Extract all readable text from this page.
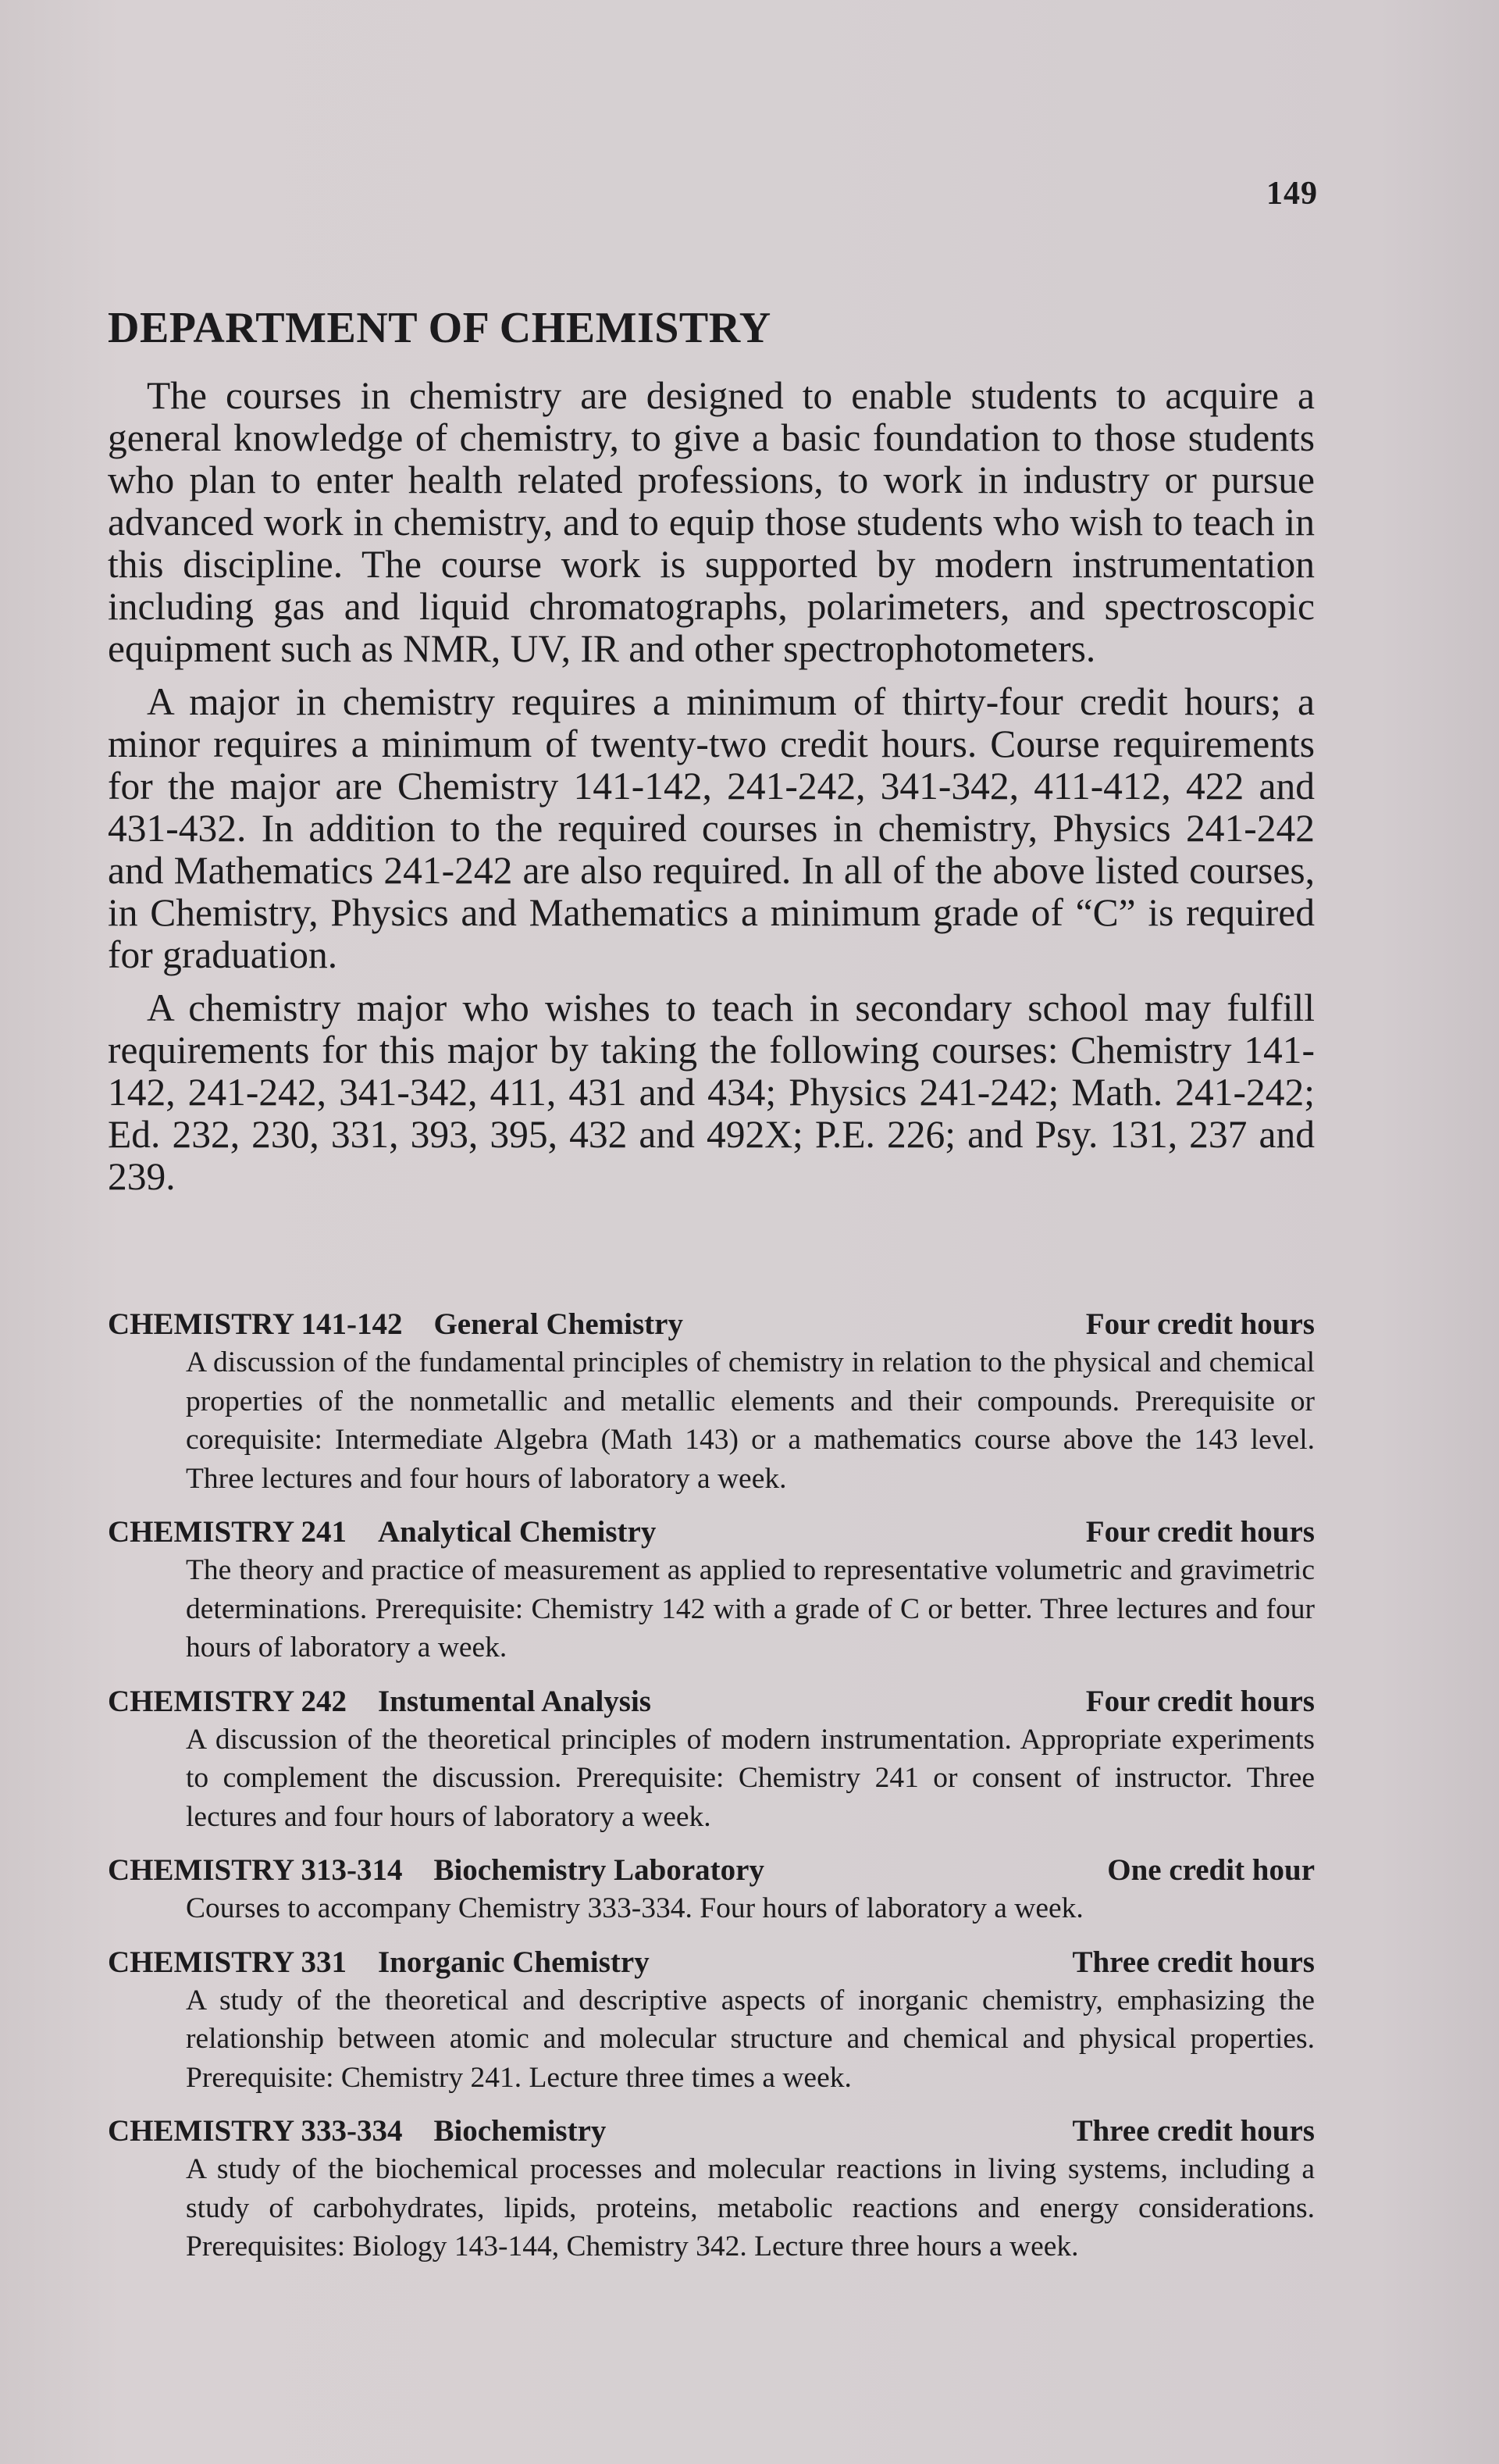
149
DEPARTMENT OF CHEMISTRY

The courses in chemistry are designed to enable students to acquire a general knowledge of chemistry, to give a basic foundation to those students who plan to enter health related professions, to work in industry or pursue advanced work in chemistry, and to equip those students who wish to teach in this discipline. The course work is supported by modern instrumentation including gas and liquid chromatographs, polarimeters, and spectroscopic equipment such as NMR, UV, IR and other spectrophotometers.

A major in chemistry requires a minimum of thirty-four credit hours; a minor requires a minimum of twenty-two credit hours. Course requirements for the major are Chemistry 141-142, 241-242, 341-342, 411-412, 422 and 431-432. In addition to the required courses in chemistry, Physics 241-242 and Mathematics 241-242 are also required. In all of the above listed courses, in Chemistry, Physics and Mathematics a minimum grade of “C” is required for graduation.

A chemistry major who wishes to teach in secondary school may fulfill requirements for this major by taking the following courses: Chemistry 141-142, 241-242, 341-342, 411, 431 and 434; Physics 241-242; Math. 241-242; Ed. 232, 230, 331, 393, 395, 432 and 492X; P.E. 226; and Psy. 131, 237 and 239.

CHEMISTRY 141-142 General Chemistry	Four credit hours
A discussion of the fundamental principles of chemistry in relation to the physical and chemical properties of the nonmetallic and metallic elements and their compounds. Prerequisite or corequisite: Intermediate Algebra (Math 143) or a mathematics course above the 143 level. Three lectures and four hours of laboratory a week.
CHEMISTRY 241 Analytical Chemistry	Four credit hours
The theory and practice of measurement as applied to representative volumetric and gravimetric determinations. Prerequisite: Chemistry 142 with a grade of C or better. Three lectures and four hours of laboratory a week.
CHEMISTRY 242 Instumental Analysis	Four credit hours
A discussion of the theoretical principles of modern instrumentation. Appropriate experiments to complement the discussion. Prerequisite: Chemistry 241 or consent of instructor. Three lectures and four hours of laboratory a week.
CHEMISTRY 313-314 Biochemistry Laboratory	One credit hour
Courses to accompany Chemistry 333-334. Four hours of laboratory a week.
CHEMISTRY 331 Inorganic Chemistry	Three credit hours
A study of the theoretical and descriptive aspects of inorganic chemistry, emphasizing the relationship between atomic and molecular structure and chemical and physical properties. Prerequisite: Chemistry 241. Lecture three times a week.
CHEMISTRY 333-334 Biochemistry	Three credit hours
A study of the biochemical processes and molecular reactions in living systems, including a study of carbohydrates, lipids, proteins, metabolic reactions and energy considerations. Prerequisites: Biology 143-144, Chemistry 342. Lecture three hours a week.
